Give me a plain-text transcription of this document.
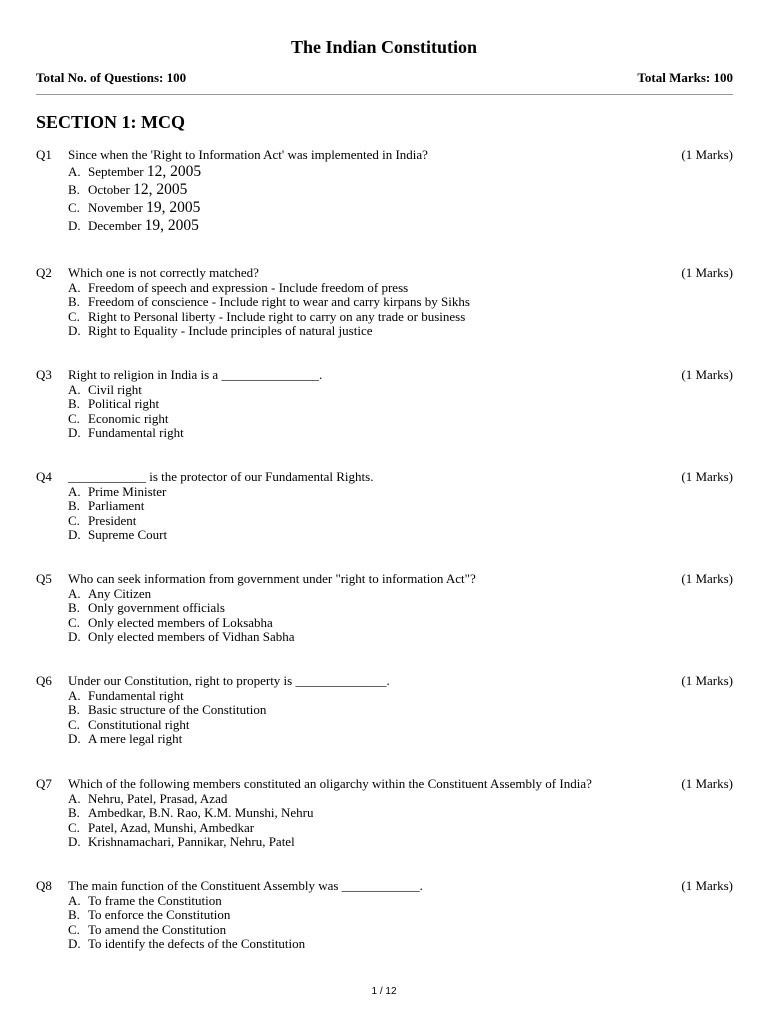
The Indian Constitution
Total No. of Questions: 100	Total Marks: 100
SECTION 1: MCQ
Q1	Since when the 'Right to Information Act' was implemented in India?	(1 Marks)
A. September 12, 2005
B. October 12, 2005
C. November 19, 2005
D. December 19, 2005
Q2	Which one is not correctly matched?	(1 Marks)
A. Freedom of speech and expression - Include freedom of press
B. Freedom of conscience - Include right to wear and carry kirpans by Sikhs
C. Right to Personal liberty - Include right to carry on any trade or business
D. Right to Equality - Include principles of natural justice
Q3	Right to religion in India is a _______________.	(1 Marks)
A. Civil right
B. Political right
C. Economic right
D. Fundamental right
Q4	____________ is the protector of our Fundamental Rights.	(1 Marks)
A. Prime Minister
B. Parliament
C. President
D. Supreme Court
Q5	Who can seek information from government under "right to information Act"?	(1 Marks)
A. Any Citizen
B. Only government officials
C. Only elected members of Loksabha
D. Only elected members of Vidhan Sabha
Q6	Under our Constitution, right to property is ______________.	(1 Marks)
A. Fundamental right
B. Basic structure of the Constitution
C. Constitutional right
D. A mere legal right
Q7	Which of the following members constituted an oligarchy within the Constituent Assembly of India?	(1 Marks)
A. Nehru, Patel, Prasad, Azad
B. Ambedkar, B.N. Rao, K.M. Munshi, Nehru
C. Patel, Azad, Munshi, Ambedkar
D. Krishnamachari, Pannikar, Nehru, Patel
Q8	The main function of the Constituent Assembly was ____________.	(1 Marks)
A. To frame the Constitution
B. To enforce the Constitution
C. To amend the Constitution
D. To identify the defects of the Constitution
1 / 12
